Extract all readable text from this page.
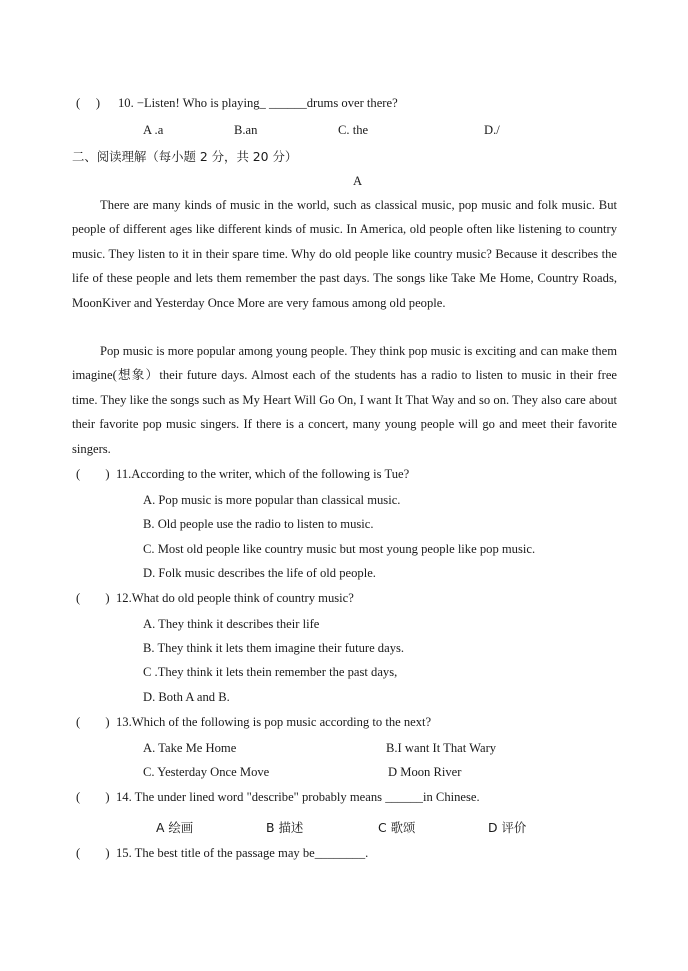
(     ) 10. −Listen! Who is playing_ ______drums over there?
A .a	B.an	C. the	D./
二、阅读理解（每小题 2 分，共 20 分）
A
There are many kinds of music in the world, such as classical music, pop music and folk music. But people of different ages like different kinds of music. In America, old people often like listening to country music. They listen to it in their spare time. Why do old people like country music? Because it describes the life of these people and lets them remember the past days. The songs like Take Me Home, Country Roads, MoonKiver and Yesterday Once More are very famous among old people.
Pop music is more popular among young people. They think pop music is exciting and can make them imagine(想象）their future days. Almost each of the students has a radio to listen to music in their free time. They like the songs such as My Heart Will Go On, I want It That Way and so on. They also care about their favorite pop music singers. If there is a concert, many young people will go and meet their favorite singers.
(        ) 11.According to the writer, which of the following is Tue?
A. Pop music is more popular than classical music.
B. Old people use the radio to listen to music.
C. Most old people like country music but most young people like pop music.
D. Folk music describes the life of old people.
(        ) 12.What do old people think of country music?
A. They think it describes their life
B. They think it lets them imagine their future days.
C .They think it lets thein remember the past days,
D. Both A and B.
(        ) 13.Which of the following is pop music according to the next?
A. Take Me Home	B.I want It That Wary
C. Yesterday Once Move	D Moon River
(        ) 14. The under lined word "describe" probably means ______in Chinese.
A 绘画	B 描述	C 歌颂	D 评价
(        ) 15. The best title of the passage may be________.
